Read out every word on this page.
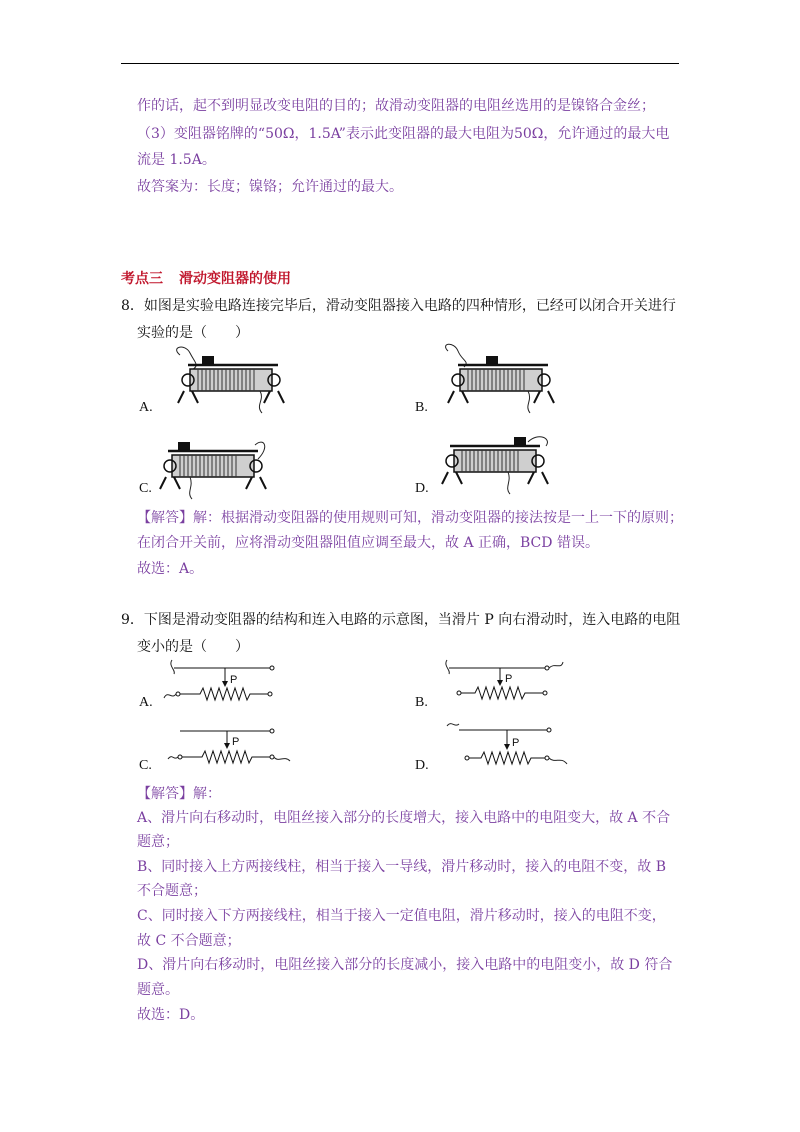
作的话，起不到明显改变电阻的目的；故滑动变阻器的电阻丝选用的是镍铬合金丝；
（3）变阻器铭牌的“50Ω，1.5A”表示此变阻器的最大电阻为50Ω，允许通过的最大电
流是 1.5A。
故答案为：长度；镍铬；允许通过的最大。
考点三 滑动变阻器的使用
8．如图是实验电路连接完毕后，滑动变阻器接入电路的四种情形，已经可以闭合开关进行
实验的是（　　）
A.	B.
C.	D.
【解答】解：根据滑动变阻器的使用规则可知，滑动变阻器的接法按是一上一下的原则；
在闭合开关前，应将滑动变阻器阻值应调至最大，故 A 正确，BCD 错误。
故选：A。
9．下图是滑动变阻器的结构和连入电路的示意图，当滑片 P 向右滑动时，连入电路的电阻
变小的是（　　）
P
A.
P
B.
P
C.
P
D.
【解答】解：
A、滑片向右移动时，电阻丝接入部分的长度增大，接入电路中的电阻变大，故 A 不合
题意；
B、同时接入上方两接线柱，相当于接入一导线，滑片移动时，接入的电阻不变，故 B
不合题意；
C、同时接入下方两接线柱，相当于接入一定值电阻，滑片移动时，接入的电阻不变，
故 C 不合题意；
D、滑片向右移动时，电阻丝接入部分的长度减小，接入电路中的电阻变小，故 D 符合
题意。
故选：D。
